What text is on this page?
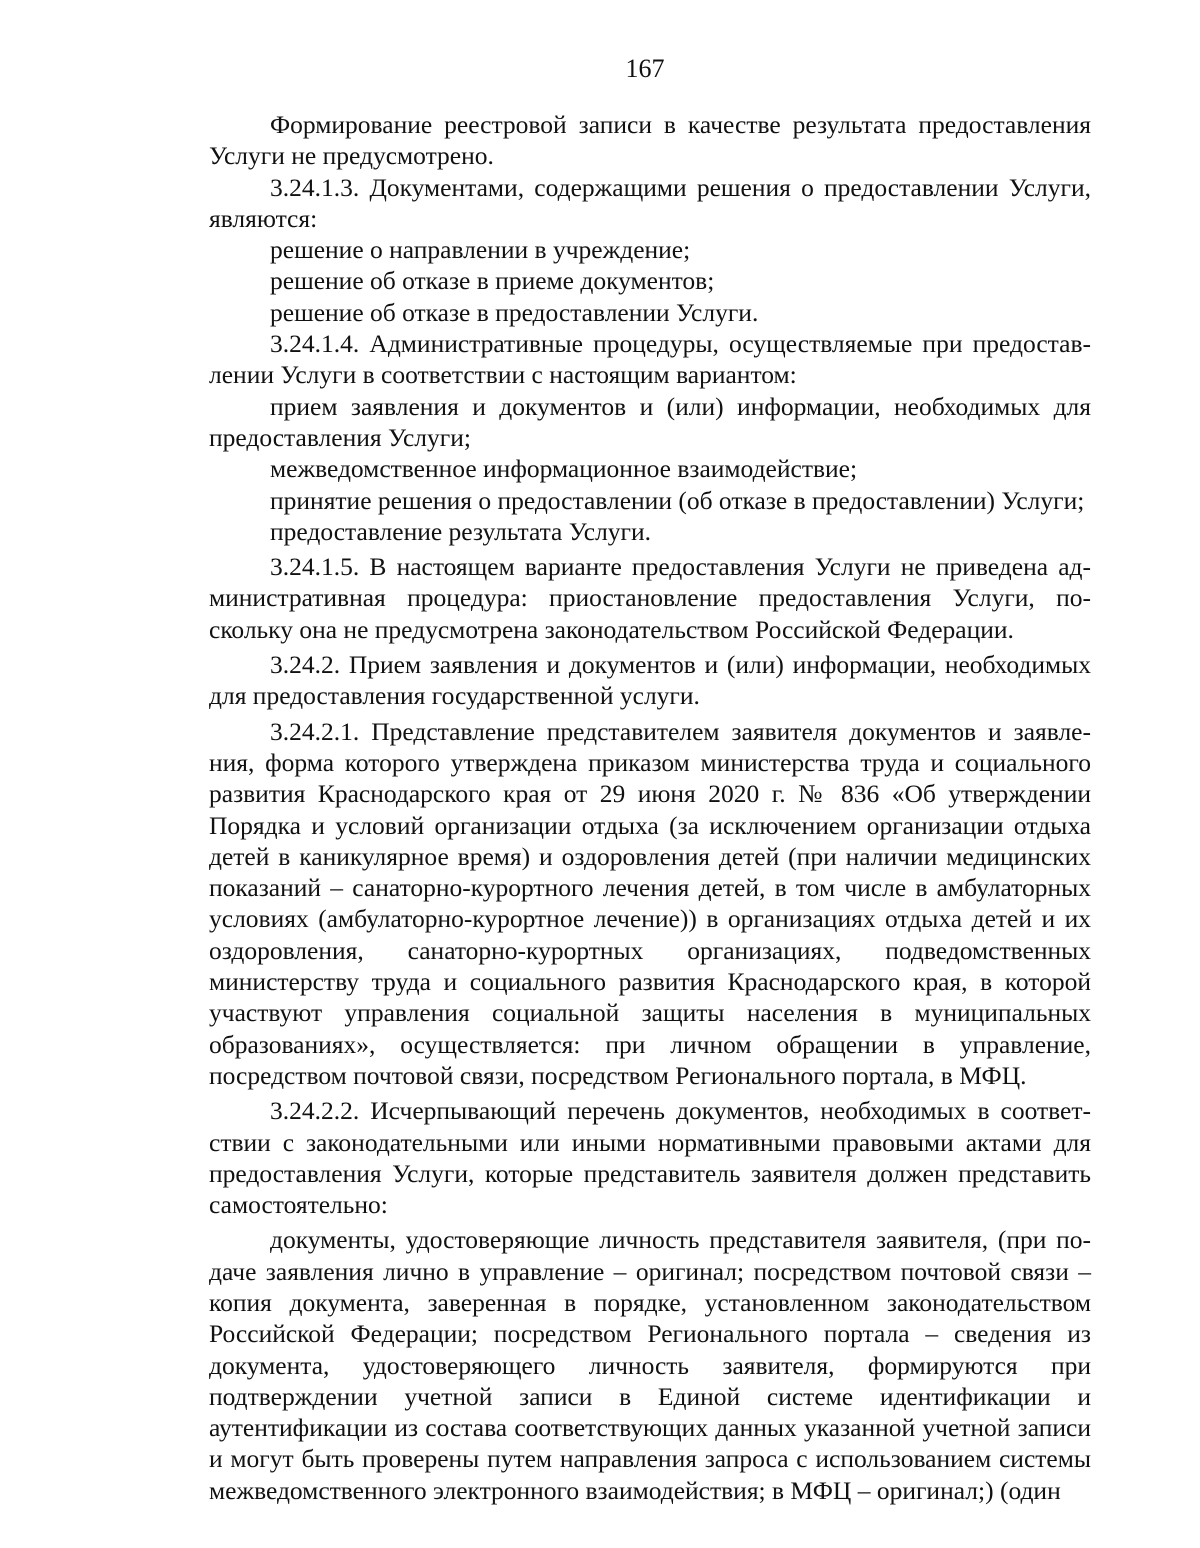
167

Формирование реестровой записи в качестве результата предоставления Услуги не предусмотрено.

3.24.1.3. Документами, содержащими решения о предоставлении Услуги, являются:

решение о направлении в учреждение;

решение об отказе в приеме документов;

решение об отказе в предоставлении Услуги.

3.24.1.4. Административные процедуры, осуществляемые при предоставлении Услуги в соответствии с настоящим вариантом:

прием заявления и документов и (или) информации, необходимых для предоставления Услуги;

межведомственное информационное взаимодействие;

принятие решения о предоставлении (об отказе в предоставлении) Услуги;

предоставление результата Услуги.

3.24.1.5. В настоящем варианте предоставления Услуги не приведена административная процедура: приостановление предоставления Услуги, поскольку она не предусмотрена законодательством Российской Федерации.

3.24.2. Прием заявления и документов и (или) информации, необходимых для предоставления государственной услуги.

3.24.2.1. Представление представителем заявителя документов и заявления, форма которого утверждена приказом министерства труда и социального развития Краснодарского края от 29 июня 2020 г. № 836 «Об утверждении Порядка и условий организации отдыха (за исключением организации отдыха детей в каникулярное время) и оздоровления детей (при наличии медицинских показаний – санаторно-курортного лечения детей, в том числе в амбулаторных условиях (амбулаторно-курортное лечение)) в организациях отдыха детей и их оздоровления, санаторно-курортных организациях, подведомственных министерству труда и социального развития Краснодарского края, в которой участвуют управления социальной защиты населения в муниципальных образованиях», осуществляется: при личном обращении в управление, посредством почтовой связи, посредством Регионального портала, в МФЦ.

3.24.2.2. Исчерпывающий перечень документов, необходимых в соответствии с законодательными или иными нормативными правовыми актами для предоставления Услуги, которые представитель заявителя должен представить самостоятельно:

документы, удостоверяющие личность представителя заявителя, (при подаче заявления лично в управление – оригинал; посредством почтовой связи – копия документа, заверенная в порядке, установленном законодательством Российской Федерации; посредством Регионального портала – сведения из документа, удостоверяющего личность заявителя, формируются при подтверждении учетной записи в Единой системе идентификации и аутентификации из состава соответствующих данных указанной учетной записи и могут быть проверены путем направления запроса с использованием системы межведомственного электронного взаимодействия; в МФЦ – оригинал;) (один
